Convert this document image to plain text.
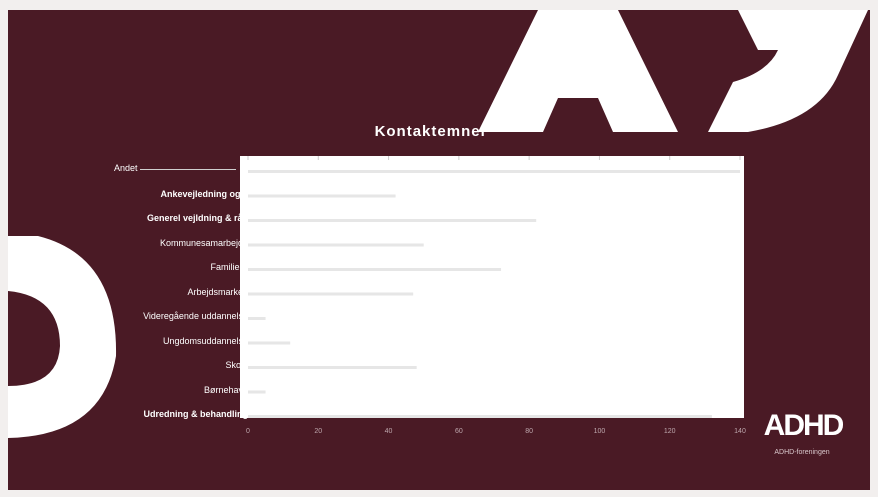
Kontaktemner
Andet
Ankevejledning og...
Generel vejldning & råd
Kommunesamarbejde
Familieliv
Arbejdsmarked
Videregående uddannelse
Ungdomsuddannelse
Skole
Børnehave
Udredning & behandling
0	20	40	60	80	100	120	140 ADHD
ADHD-foreningen
